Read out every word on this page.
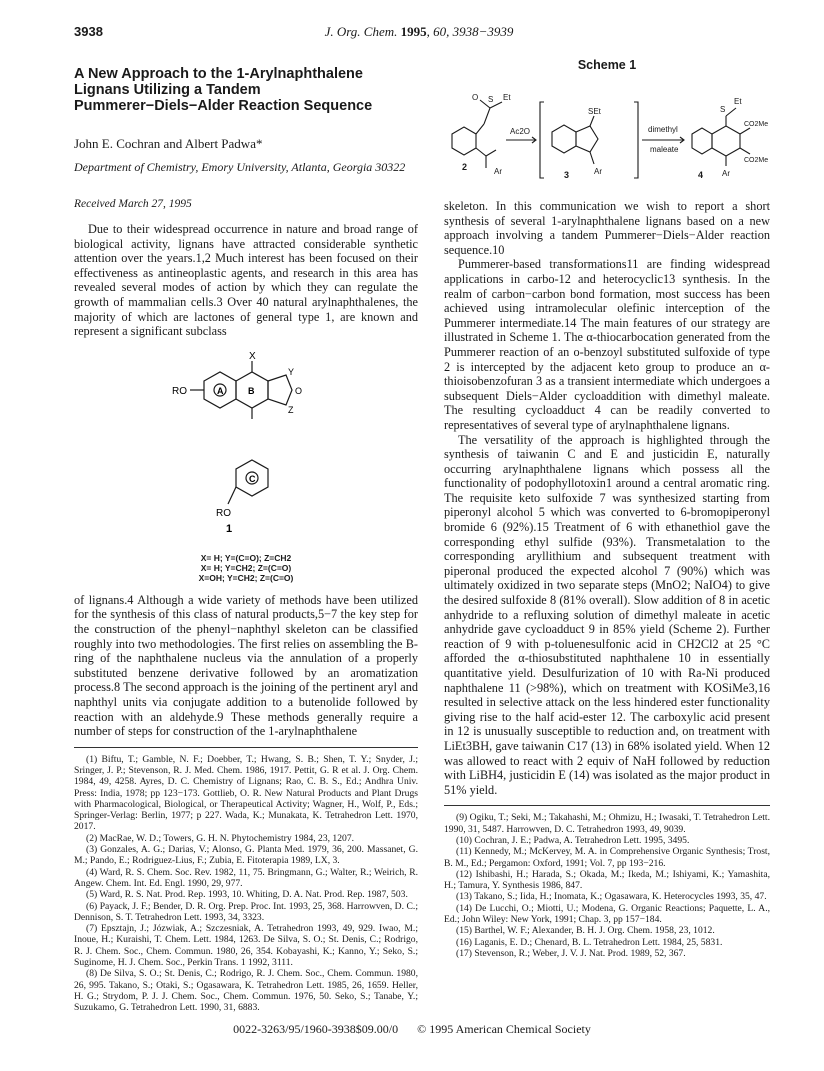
3938	J. Org. Chem. 1995, 60, 3938−3939
A New Approach to the 1-Arylnaphthalene Lignans Utilizing a Tandem Pummerer−Diels−Alder Reaction Sequence
John E. Cochran and Albert Padwa*
Department of Chemistry, Emory University, Atlanta, Georgia 30322
Received March 27, 1995

Due to their widespread occurrence in nature and broad range of biological activity, lignans have attracted considerable synthetic attention over the years.1,2 Much interest has been focused on their effectiveness as antineoplastic agents, and research in this area has revealed several modes of action by which they can regulate the growth of mammalian cells.3 Over 40 natural arylnaphthalenes, the majority of which are lactones of general type 1, are known and represent a significant subclass

X
RO	A	B
Y
O
Z

C
RO
1
X= H; Y=(C=O); Z=CH2
X= H; Y=CH2; Z=(C=O)
X=OH; Y=CH2; Z=(C=O)

of lignans.4 Although a wide variety of methods have been utilized for the synthesis of this class of natural products,5−7 the key step for the construction of the phenyl−naphthyl skeleton can be classified roughly into two methodologies. The first relies on assembling the B-ring of the naphthalene nucleus via the annulation of a properly substituted benzene derivative followed by an aromatization process.8 The second approach is the joining of the pertinent aryl and naphthyl units via conjugate addition to a butenolide followed by reaction with an aldehyde.9 These methods generally require a number of steps for construction of the 1-arylnaphthalene

(1) Biftu, T.; Gamble, N. F.; Doebber, T.; Hwang, S. B.; Shen, T. Y.; Snyder, J.; Sringer, J. P.; Stevenson, R. J. Med. Chem. 1986, 1917. Pettit, G. R et al. J. Org. Chem. 1984, 49, 4258. Ayres, D. C. Chemistry of Lignans; Rao, C. B. S., Ed.; Andhra Univ. Press: India, 1978; pp 123−173. Gottlieb, O. R. New Natural Products and Plant Drugs with Pharmacological, Biological, or Therapeutical Activity; Wagner, H., Wolf, P., Eds.; Springer-Verlag: Berlin, 1977; p 227. Wada, K.; Munakata, K. Tetrahedron Lett. 1970, 2017.
(2) MacRae, W. D.; Towers, G. H. N. Phytochemistry 1984, 23, 1207.
(3) Gonzales, A. G.; Darias, V.; Alonso, G. Planta Med. 1979, 36, 200. Massanet, G. M.; Pando, E.; Rodriguez-Lius, F.; Zubia, E. Fitoterapia 1989, LX, 3.
(4) Ward, R. S. Chem. Soc. Rev. 1982, 11, 75. Bringmann, G.; Walter, R.; Weirich, R. Angew. Chem. Int. Ed. Engl. 1990, 29, 977.
(5) Ward, R. S. Nat. Prod. Rep. 1993, 10. Whiting, D. A. Nat. Prod. Rep. 1987, 503.
(6) Payack, J. F.; Bender, D. R. Org. Prep. Proc. Int. 1993, 25, 368. Harrowven, D. C.; Dennison, S. T. Tetrahedron Lett. 1993, 34, 3323.
(7) Epsztajn, J.; Józwiak, A.; Szczesniak, A. Tetrahedron 1993, 49, 929. Iwao, M.; Inoue, H.; Kuraishi, T. Chem. Lett. 1984, 1263. De Silva, S. O.; St. Denis, C.; Rodrigo, R. J. Chem. Soc., Chem. Commun. 1980, 26, 354. Kobayashi, K.; Kanno, Y.; Seko, S.; Suginome, H. J. Chem. Soc., Perkin Trans. 1 1992, 3111.
(8) De Silva, S. O.; St. Denis, C.; Rodrigo, R. J. Chem. Soc., Chem. Commun. 1980, 26, 995. Takano, S.; Otaki, S.; Ogasawara, K. Tetrahedron Lett. 1985, 26, 1659. Heller, H. G.; Strydom, P. J. J. Chem. Soc., Chem. Commun. 1976, 50. Seko, S.; Tanabe, Y.; Suzukamo, G. Tetrahedron Lett. 1990, 31, 6883.
Scheme 1
O S Et
Ar
2
Ac2O
SEt
Ar
3
dimethyl
maleate
S
Et
CO2Me
CO2Me
Ar
4

skeleton. In this communication we wish to report a short synthesis of several 1-arylnaphthalene lignans based on a new approach involving a tandem Pummerer−Diels−Alder reaction sequence.10

Pummerer-based transformations11 are finding widespread applications in carbo-12 and heterocyclic13 synthesis. In the realm of carbon−carbon bond formation, most success has been achieved using intramolecular olefinic interception of the Pummerer intermediate.14 The main features of our strategy are illustrated in Scheme 1. The α-thiocarbocation generated from the Pummerer reaction of an o-benzoyl substituted sulfoxide of type 2 is intercepted by the adjacent keto group to produce an α-thioisobenzofuran 3 as a transient intermediate which undergoes a subsequent Diels−Alder cycloaddition with dimethyl maleate. The resulting cycloadduct 4 can be readily converted to representatives of several type of arylnaphthalene lignans.

The versatility of the approach is highlighted through the synthesis of taiwanin C and E and justicidin E, naturally occurring arylnaphthalene lignans which possess all the functionality of podophyllotoxin1 around a central aromatic ring. The requisite keto sulfoxide 7 was synthesized starting from piperonyl alcohol 5 which was converted to 6-bromopiperonyl bromide 6 (92%).15 Treatment of 6 with ethanethiol gave the corresponding ethyl sulfide (93%). Transmetalation to the corresponding aryllithium and subsequent treatment with piperonal produced the expected alcohol 7 (90%) which was ultimately oxidized in two separate steps (MnO2; NaIO4) to give the desired sulfoxide 8 (81% overall). Slow addition of 8 in acetic anhydride to a refluxing solution of dimethyl maleate in acetic anhydride gave cycloadduct 9 in 85% yield (Scheme 2). Further reaction of 9 with p-toluenesulfonic acid in CH2Cl2 at 25 °C afforded the α-thiosubstituted naphthalene 10 in essentially quantitative yield. Desulfurization of 10 with Ra-Ni produced naphthalene 11 (>98%), which on treatment with KOSiMe3,16 resulted in selective attack on the less hindered ester functionality giving rise to the half acid-ester 12. The carboxylic acid present in 12 is unusually susceptible to reduction and, on treatment with LiEt3BH, gave taiwanin C17 (13) in 68% isolated yield. When 12 was allowed to react with 2 equiv of NaH followed by reduction with LiBH4, justicidin E (14) was isolated as the major product in 51% yield.

(9) Ogiku, T.; Seki, M.; Takahashi, M.; Ohmizu, H.; Iwasaki, T. Tetrahedron Lett. 1990, 31, 5487. Harrowven, D. C. Tetrahedron 1993, 49, 9039.
(10) Cochran, J. E.; Padwa, A. Tetrahedron Lett. 1995, 3495.
(11) Kennedy, M.; McKervey, M. A. in Comprehensive Organic Synthesis; Trost, B. M., Ed.; Pergamon: Oxford, 1991; Vol. 7, pp 193−216.
(12) Ishibashi, H.; Harada, S.; Okada, M.; Ikeda, M.; Ishiyami, K.; Yamashita, H.; Tamura, Y. Synthesis 1986, 847.
(13) Takano, S.; Iida, H.; Inomata, K.; Ogasawara, K. Heterocycles 1993, 35, 47.
(14) De Lucchi, O.; Miotti, U.; Modena, G. Organic Reactions; Paquette, L. A., Ed.; John Wiley: New York, 1991; Chap. 3, pp 157−184.
(15) Barthel, W. F.; Alexander, B. H. J. Org. Chem. 1958, 23, 1012.
(16) Laganis, E. D.; Chenard, B. L. Tetrahedron Lett. 1984, 25, 5831.
(17) Stevenson, R.; Weber, J. V. J. Nat. Prod. 1989, 52, 367.
0022-3263/95/1960-3938$09.00/0 © 1995 American Chemical Society
